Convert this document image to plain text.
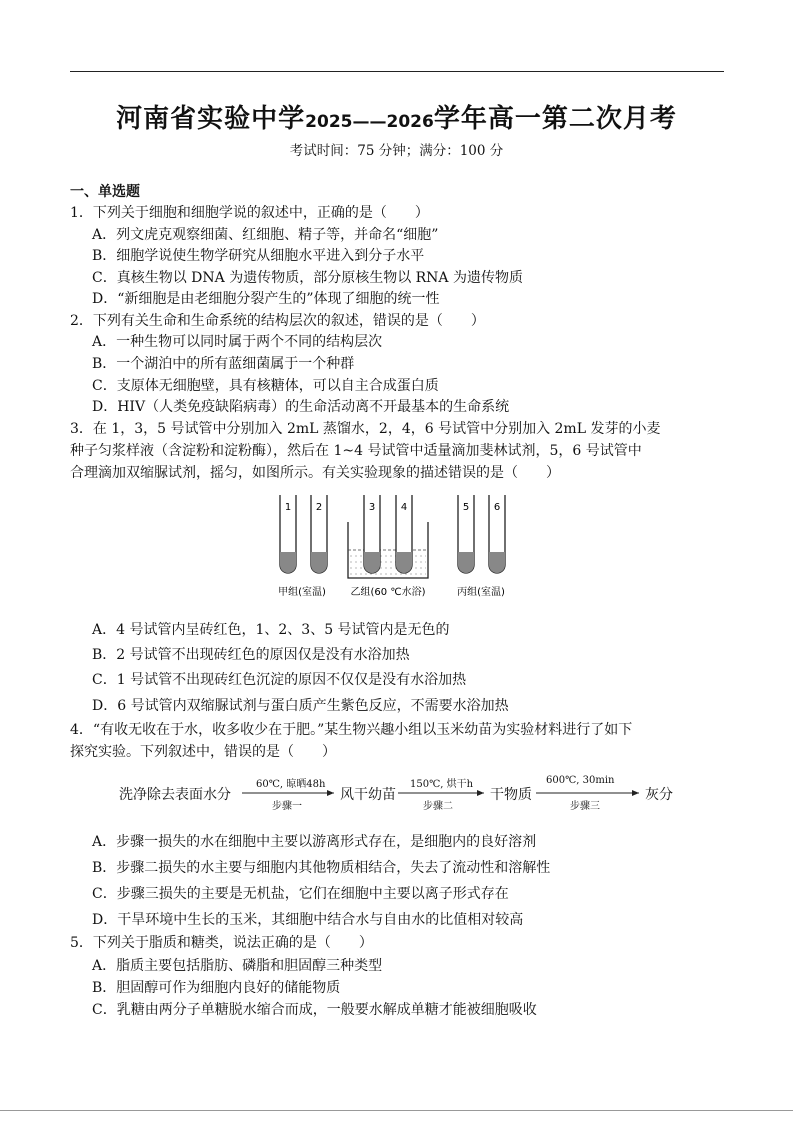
河南省实验中学2025——2026学年高一第二次月考
考试时间：75 分钟；满分：100 分
一、单选题
1．下列关于细胞和细胞学说的叙述中，正确的是（　　）
A．列文虎克观察细菌、红细胞、精子等，并命名“细胞”
B．细胞学说使生物学研究从细胞水平进入到分子水平
C．真核生物以 DNA 为遗传物质，部分原核生物以 RNA 为遗传物质
D．“新细胞是由老细胞分裂产生的”体现了细胞的统一性
2．下列有关生命和生命系统的结构层次的叙述，错误的是（　　）
A．一种生物可以同时属于两个不同的结构层次
B．一个湖泊中的所有蓝细菌属于一个种群
C．支原体无细胞壁，具有核糖体，可以自主合成蛋白质
D．HIV（人类免疫缺陷病毒）的生命活动离不开最基本的生命系统
3．在 1，3，5 号试管中分别加入 2mL 蒸馏水，2，4，6 号试管中分别加入 2mL 发芽的小麦
种子匀浆样液（含淀粉和淀粉酶），然后在 1~4 号试管中适量滴加斐林试剂，5，6 号试管中
合理滴加双缩脲试剂，摇匀，如图所示。有关实验现象的描述错误的是（　　）
1 2	3	4	5 6
甲组(室温) 乙组(60 ℃水浴)	丙组(室温)
A．4 号试管内呈砖红色，1、2、3、5 号试管内是无色的
B．2 号试管不出现砖红色的原因仅是没有水浴加热
C．1 号试管不出现砖红色沉淀的原因不仅仅是没有水浴加热
D．6 号试管内双缩脲试剂与蛋白质产生紫色反应，不需要水浴加热
4．“有收无收在于水，收多收少在于肥。”某生物兴趣小组以玉米幼苗为实验材料进行了如下
探究实验。下列叙述中，错误的是（　　）
洗净除去表面水分	风干幼苗	干物质	灰分
60℃, 晾晒48h
步骤一
150℃, 烘干h
步骤二
600℃, 30min
步骤三
A．步骤一损失的水在细胞中主要以游离形式存在，是细胞内的良好溶剂
B．步骤二损失的水主要与细胞内其他物质相结合，失去了流动性和溶解性
C．步骤三损失的主要是无机盐，它们在细胞中主要以离子形式存在
D．干旱环境中生长的玉米，其细胞中结合水与自由水的比值相对较高
5．下列关于脂质和糖类，说法正确的是（　　）
A．脂质主要包括脂肪、磷脂和胆固醇三种类型
B．胆固醇可作为细胞内良好的储能物质
C．乳糖由两分子单糖脱水缩合而成，一般要水解成单糖才能被细胞吸收
